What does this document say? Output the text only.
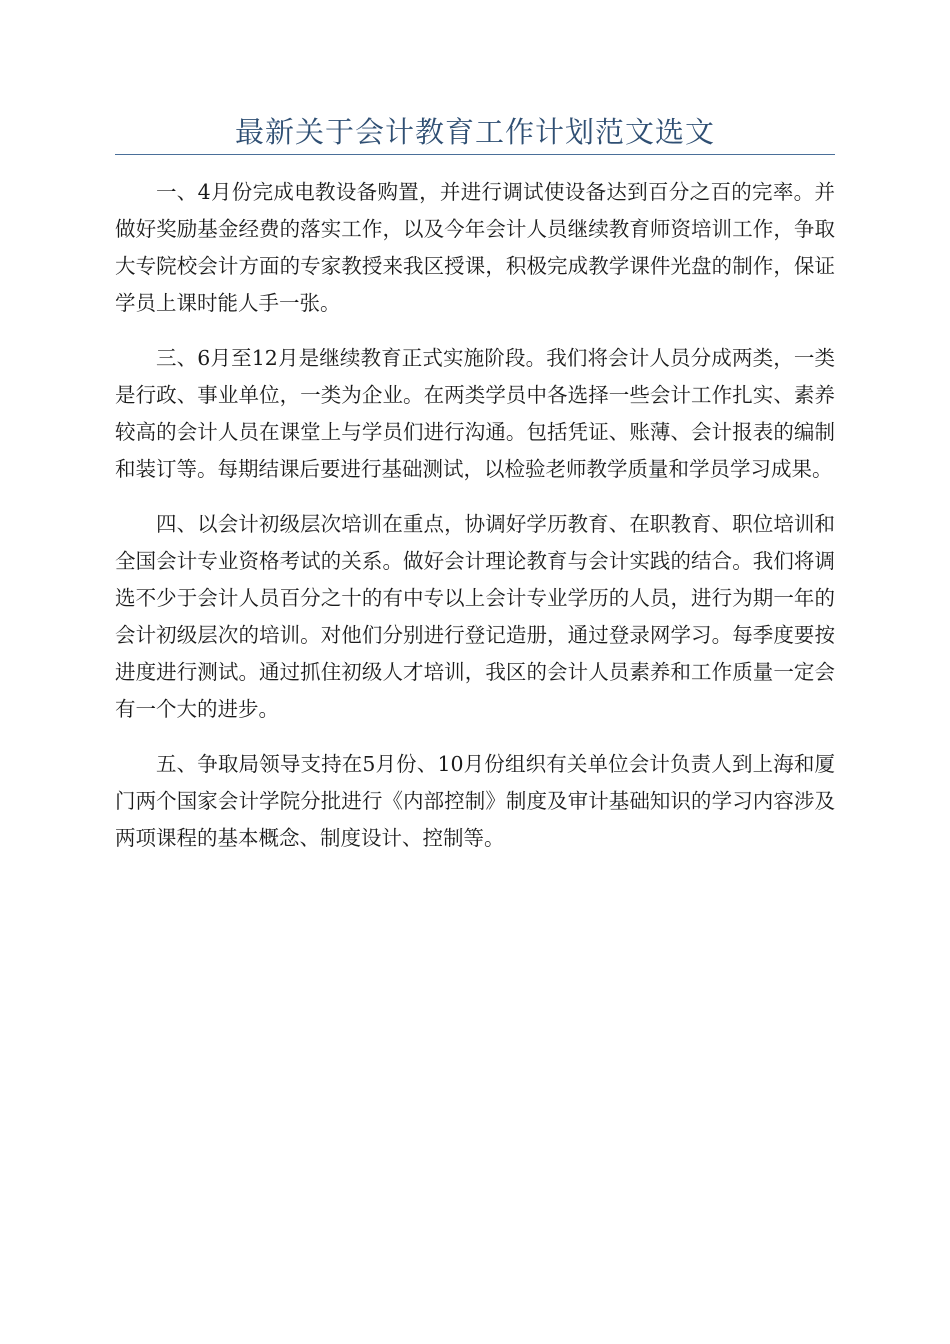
最新关于会计教育工作计划范文选文

一、4月份完成电教设备购置，并进行调试使设备达到百分之百的完率。并做好奖励基金经费的落实工作，以及今年会计人员继续教育师资培训工作，争取大专院校会计方面的专家教授来我区授课，积极完成教学课件光盘的制作，保证学员上课时能人手一张。

三、6月至12月是继续教育正式实施阶段。我们将会计人员分成两类，一类是行政、事业单位，一类为企业。在两类学员中各选择一些会计工作扎实、素养较高的会计人员在课堂上与学员们进行沟通。包括凭证、账薄、会计报表的编制和装订等。每期结课后要进行基础测试，以检验老师教学质量和学员学习成果。

四、以会计初级层次培训在重点，协调好学历教育、在职教育、职位培训和全国会计专业资格考试的关系。做好会计理论教育与会计实践的结合。我们将调选不少于会计人员百分之十的有中专以上会计专业学历的人员，进行为期一年的会计初级层次的培训。对他们分别进行登记造册，通过登录网学习。每季度要按进度进行测试。通过抓住初级人才培训，我区的会计人员素养和工作质量一定会有一个大的进步。

五、争取局领导支持在5月份、10月份组织有关单位会计负责人到上海和厦门两个国家会计学院分批进行《内部控制》制度及审计基础知识的学习内容涉及两项课程的基本概念、制度设计、控制等。
